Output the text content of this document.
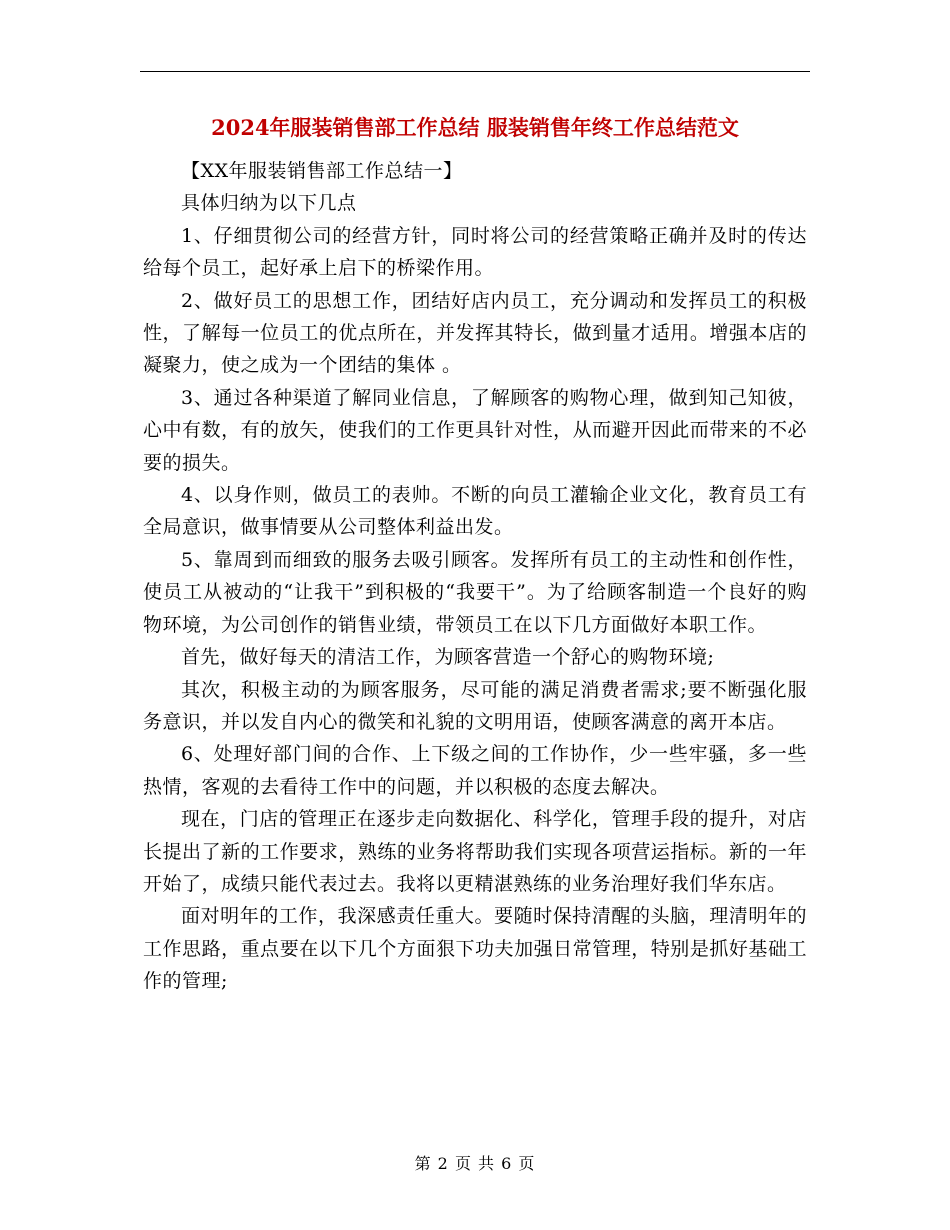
2024年服装销售部工作总结 服装销售年终工作总结范文

【XX年服装销售部工作总结一】

具体归纳为以下几点

1、仔细贯彻公司的经营方针，同时将公司的经营策略正确并及时的传达给每个员工，起好承上启下的桥梁作用。

2、做好员工的思想工作，团结好店内员工，充分调动和发挥员工的积极性，了解每一位员工的优点所在，并发挥其特长，做到量才适用。增强本店的凝聚力，使之成为一个团结的集体 。

3、通过各种渠道了解同业信息，了解顾客的购物心理，做到知己知彼，心中有数，有的放矢，使我们的工作更具针对性，从而避开因此而带来的不必要的损失。

4、以身作则，做员工的表帅。不断的向员工灌输企业文化，教育员工有全局意识，做事情要从公司整体利益出发。

5、靠周到而细致的服务去吸引顾客。发挥所有员工的主动性和创作性，使员工从被动的“让我干”到积极的“我要干”。为了给顾客制造一个良好的购物环境，为公司创作的销售业绩，带领员工在以下几方面做好本职工作。

首先，做好每天的清洁工作，为顾客营造一个舒心的购物环境;

其次，积极主动的为顾客服务，尽可能的满足消费者需求;要不断强化服务意识，并以发自内心的微笑和礼貌的文明用语，使顾客满意的离开本店。

6、处理好部门间的合作、上下级之间的工作协作，少一些牢骚，多一些热情，客观的去看待工作中的问题，并以积极的态度去解决。

现在，门店的管理正在逐步走向数据化、科学化，管理手段的提升，对店长提出了新的工作要求，熟练的业务将帮助我们实现各项营运指标。新的一年开始了，成绩只能代表过去。我将以更精湛熟练的业务治理好我们华东店。

面对明年的工作，我深感责任重大。要随时保持清醒的头脑，理清明年的工作思路，重点要在以下几个方面狠下功夫加强日常管理，特别是抓好基础工作的管理;

第 2 页 共 6 页
